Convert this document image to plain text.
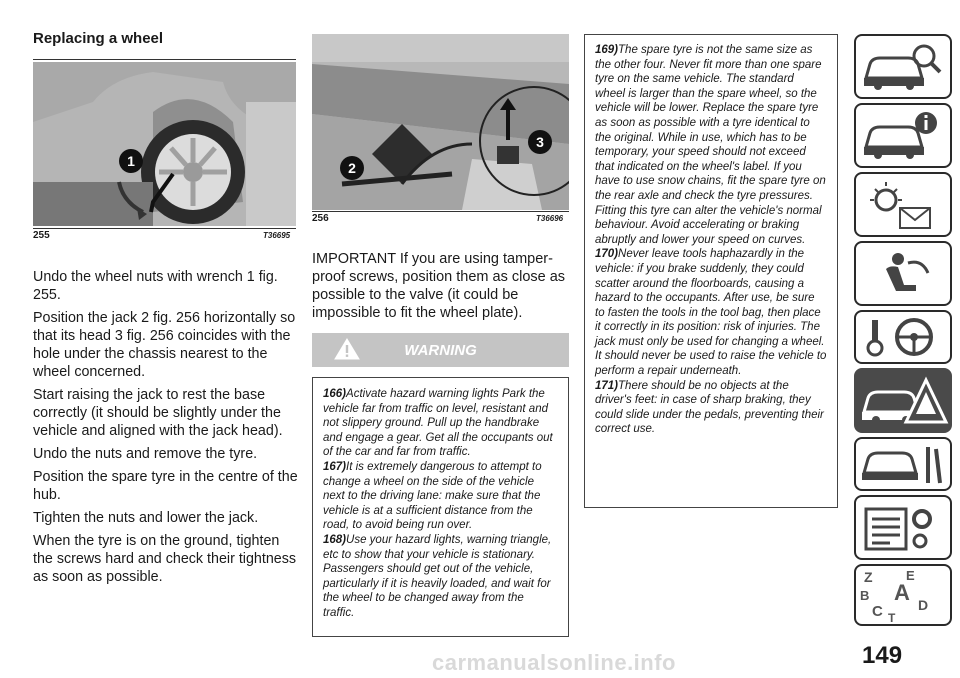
Replacing a wheel
1
255	T36695

Undo the wheel nuts with wrench 1 fig. 255.

Position the jack 2 fig. 256 horizontally so that its head 3 fig. 256 coincides with the hole under the chassis nearest to the wheel concerned.

Start raising the jack to rest the base correctly (it should be slightly under the vehicle and aligned with the jack head).

Undo the nuts and remove the tyre.

Position the spare tyre in the centre of the hub.

Tighten the nuts and lower the jack.

When the tyre is on the ground, tighten the screws hard and check their tightness as soon as possible.

2
3
256	T36696
IMPORTANT If you are using tamper-proof screws, position them as close as possible to the valve (it could be impossible to fit the wheel plate).
WARNING

166)Activate hazard warning lights Park the vehicle far from traffic on level, resistant and not slippery ground. Pull up the handbrake and engage a gear. Get all the occupants out of the car and far from traffic.

167)It is extremely dangerous to attempt to change a wheel on the side of the vehicle next to the driving lane: make sure that the vehicle is at a sufficient distance from the road, to avoid being run over.

168)Use your hazard lights, warning triangle, etc to show that your vehicle is stationary. Passengers should get out of the vehicle, particularly if it is heavily loaded, and wait for the wheel to be changed away from the traffic.

169)The spare tyre is not the same size as the other four. Never fit more than one spare tyre on the same vehicle. The standard wheel is larger than the spare wheel, so the vehicle will be lower. Replace the spare tyre as soon as possible with a tyre identical to the original. While in use, which has to be temporary, your speed should not exceed that indicated on the wheel's label. If you have to use snow chains, fit the spare tyre on the rear axle and check the tyre pressures. Fitting this tyre can alter the vehicle's normal behaviour. Avoid accelerating or braking abruptly and lower your speed on curves.

170)Never leave tools haphazardly in the vehicle: if you brake suddenly, they could scatter around the floorboards, causing a hazard to the occupants. After use, be sure to fasten the tools in the tool bag, then place it correctly in its position: risk of injuries. The jack must only be used for changing a wheel. It should never be used to raise the vehicle to perform a repair underneath.

171)There should be no objects at the driver's feet: in case of sharp braking, they could slide under the pedals, preventing their correct use.

Z	E
A
B
C	D
T
149
carmanualsonline.info
